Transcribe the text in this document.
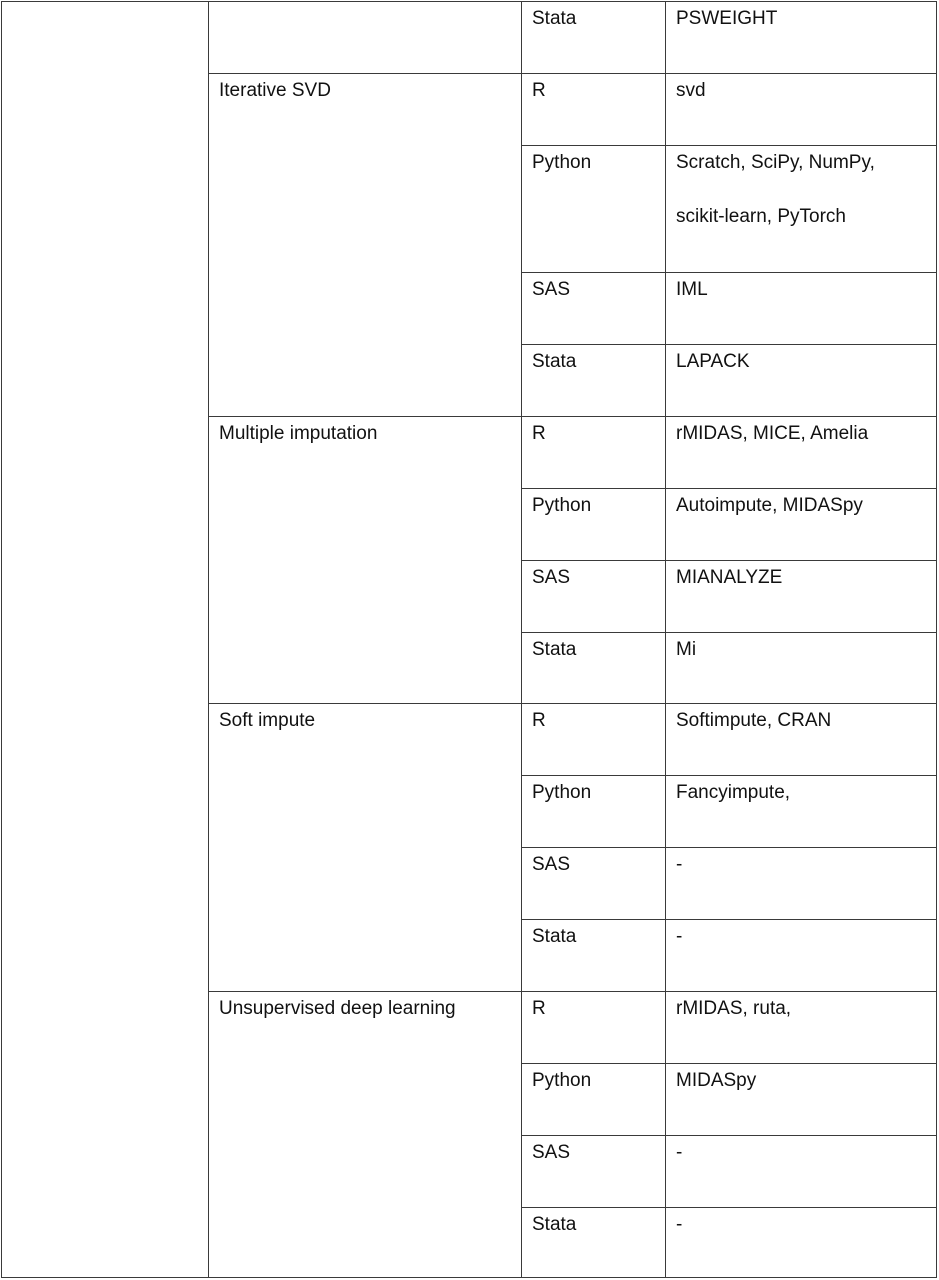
Stata	PSWEIGHT
Iterative SVD	R	svd
Python	Scratch, SciPy, NumPy,
scikit-learn, PyTorch
SAS	IML
Stata	LAPACK
Multiple imputation	R	rMIDAS, MICE, Amelia
Python	Autoimpute, MIDASpy
SAS	MIANALYZE
Stata	Mi
Soft impute	R	Softimpute, CRAN
Python	Fancyimpute,
SAS	-
Stata	-
Unsupervised deep learning	R	rMIDAS, ruta,
Python	MIDASpy
SAS	-
Stata	-
